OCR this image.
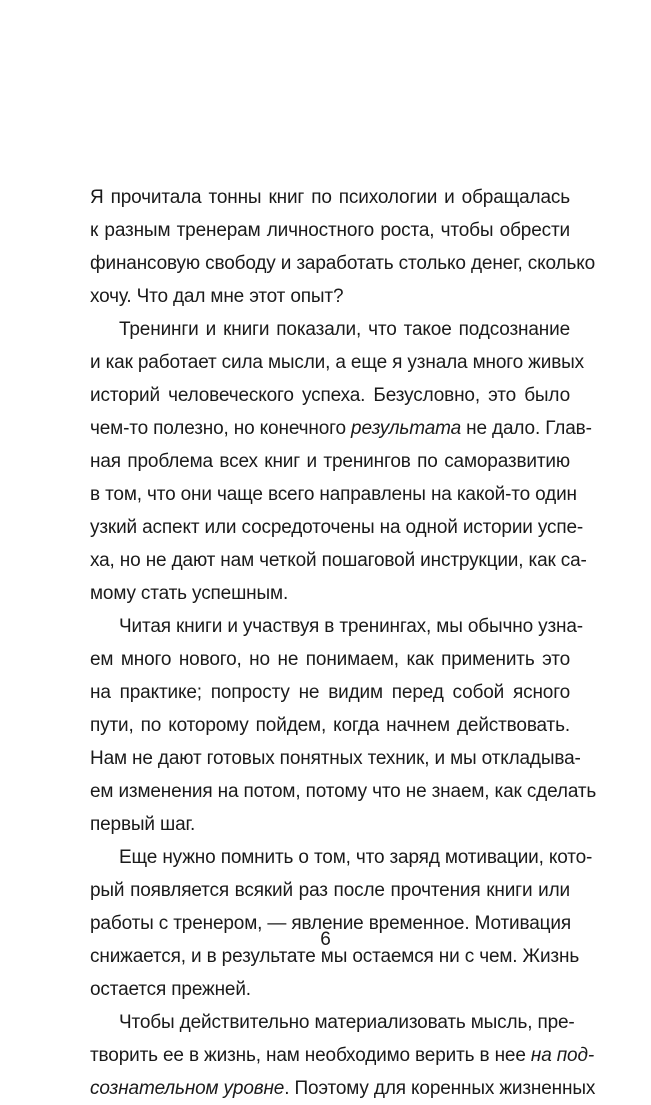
Я прочитала тонны книг по психологии и обращалась
к разным тренерам личностного роста, чтобы обрести
финансовую свободу и заработать столько денег, сколько
хочу. Что дал мне этот опыт?
Тренинги и книги показали, что такое подсознание
и как работает сила мысли, а еще я узнала много живых
историй человеческого успеха. Безусловно, это было
чем-то полезно, но конечного результата не дало. Глав-
ная проблема всех книг и тренингов по саморазвитию
в том, что они чаще всего направлены на какой-то один
узкий аспект или сосредоточены на одной истории успе-
ха, но не дают нам четкой пошаговой инструкции, как са-
мому стать успешным.
Читая книги и участвуя в тренингах, мы обычно узна-
ем много нового, но не понимаем, как применить это
на практике; попросту не видим перед собой ясного
пути, по которому пойдем, когда начнем действовать.
Нам не дают готовых понятных техник, и мы откладыва-
ем изменения на потом, потому что не знаем, как сделать
первый шаг.
Еще нужно помнить о том, что заряд мотивации, кото-
рый появляется всякий раз после прочтения книги или
работы с тренером, — явление временное. Мотивация
снижается, и в результате мы остаемся ни с чем. Жизнь
остается прежней.
Чтобы действительно материализовать мысль, пре-
творить ее в жизнь, нам необходимо верить в нее на под-
сознательном уровне. Поэтому для коренных жизненных
6
